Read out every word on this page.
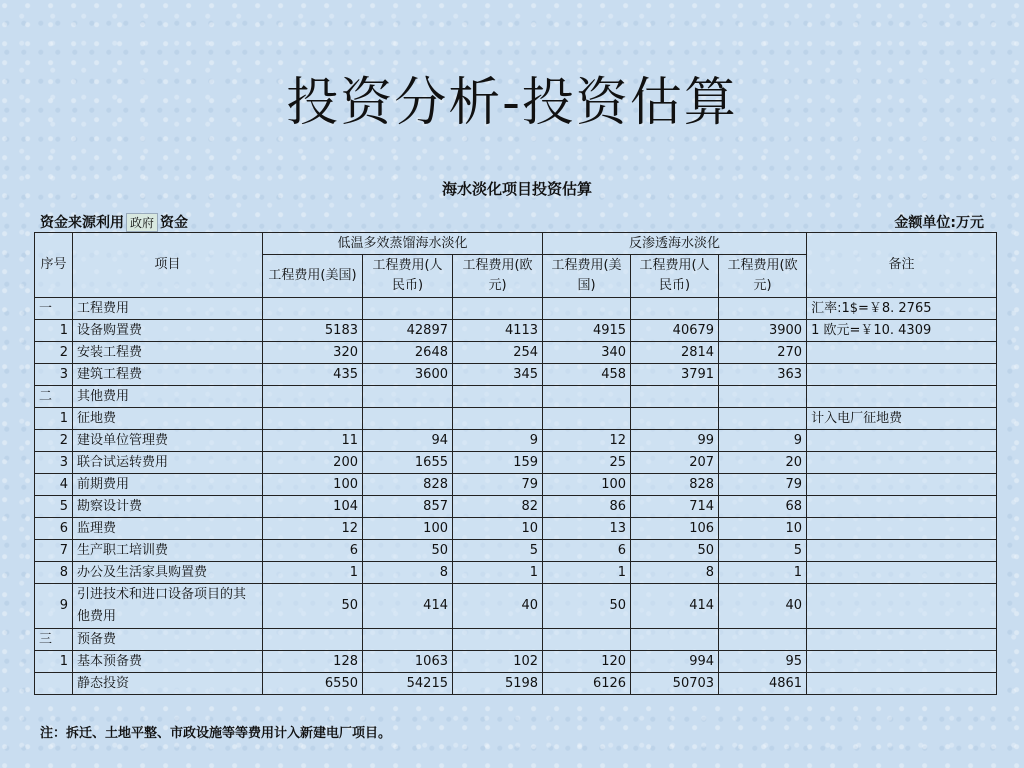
投资分析-投资估算
海水淡化项目投资估算
资金来源利用 政府 资金	金额单位:万元
序号	项目	低温多效蒸馏海水淡化			反渗透海水淡化			备注
		工程费用(美国)	工程费用(人民币)	工程费用(欧元)	工程费用(美国)	工程费用(人民币)	工程费用(欧元)	
一	工程费用							汇率:1$=￥8. 2765
1	设备购置费	5183	42897	4113	4915	40679	3900	1 欧元=￥10. 4309
2	安装工程费	320	2648	254	340	2814	270	
3	建筑工程费	435	3600	345	458	3791	363	
二	其他费用							
1	征地费							计入电厂征地费
2	建设单位管理费	11	94	9	12	99	9	
3	联合试运转费用	200	1655	159	25	207	20	
4	前期费用	100	828	79	100	828	79	
5	勘察设计费	104	857	82	86	714	68	
6	监理费	12	100	10	13	106	10	
7	生产职工培训费	6	50	5	6	50	5	
8	办公及生活家具购置费	1	8	1	1	8	1	
9	引进技术和进口设备项目的其他费用	50	414	40	50	414	40	
三	预备费							
1	基本预备费	128	1063	102	120	994	95	
	静态投资	6550	54215	5198	6126	50703	4861	
注：拆迁、土地平整、市政设施等等费用计入新建电厂项目。
